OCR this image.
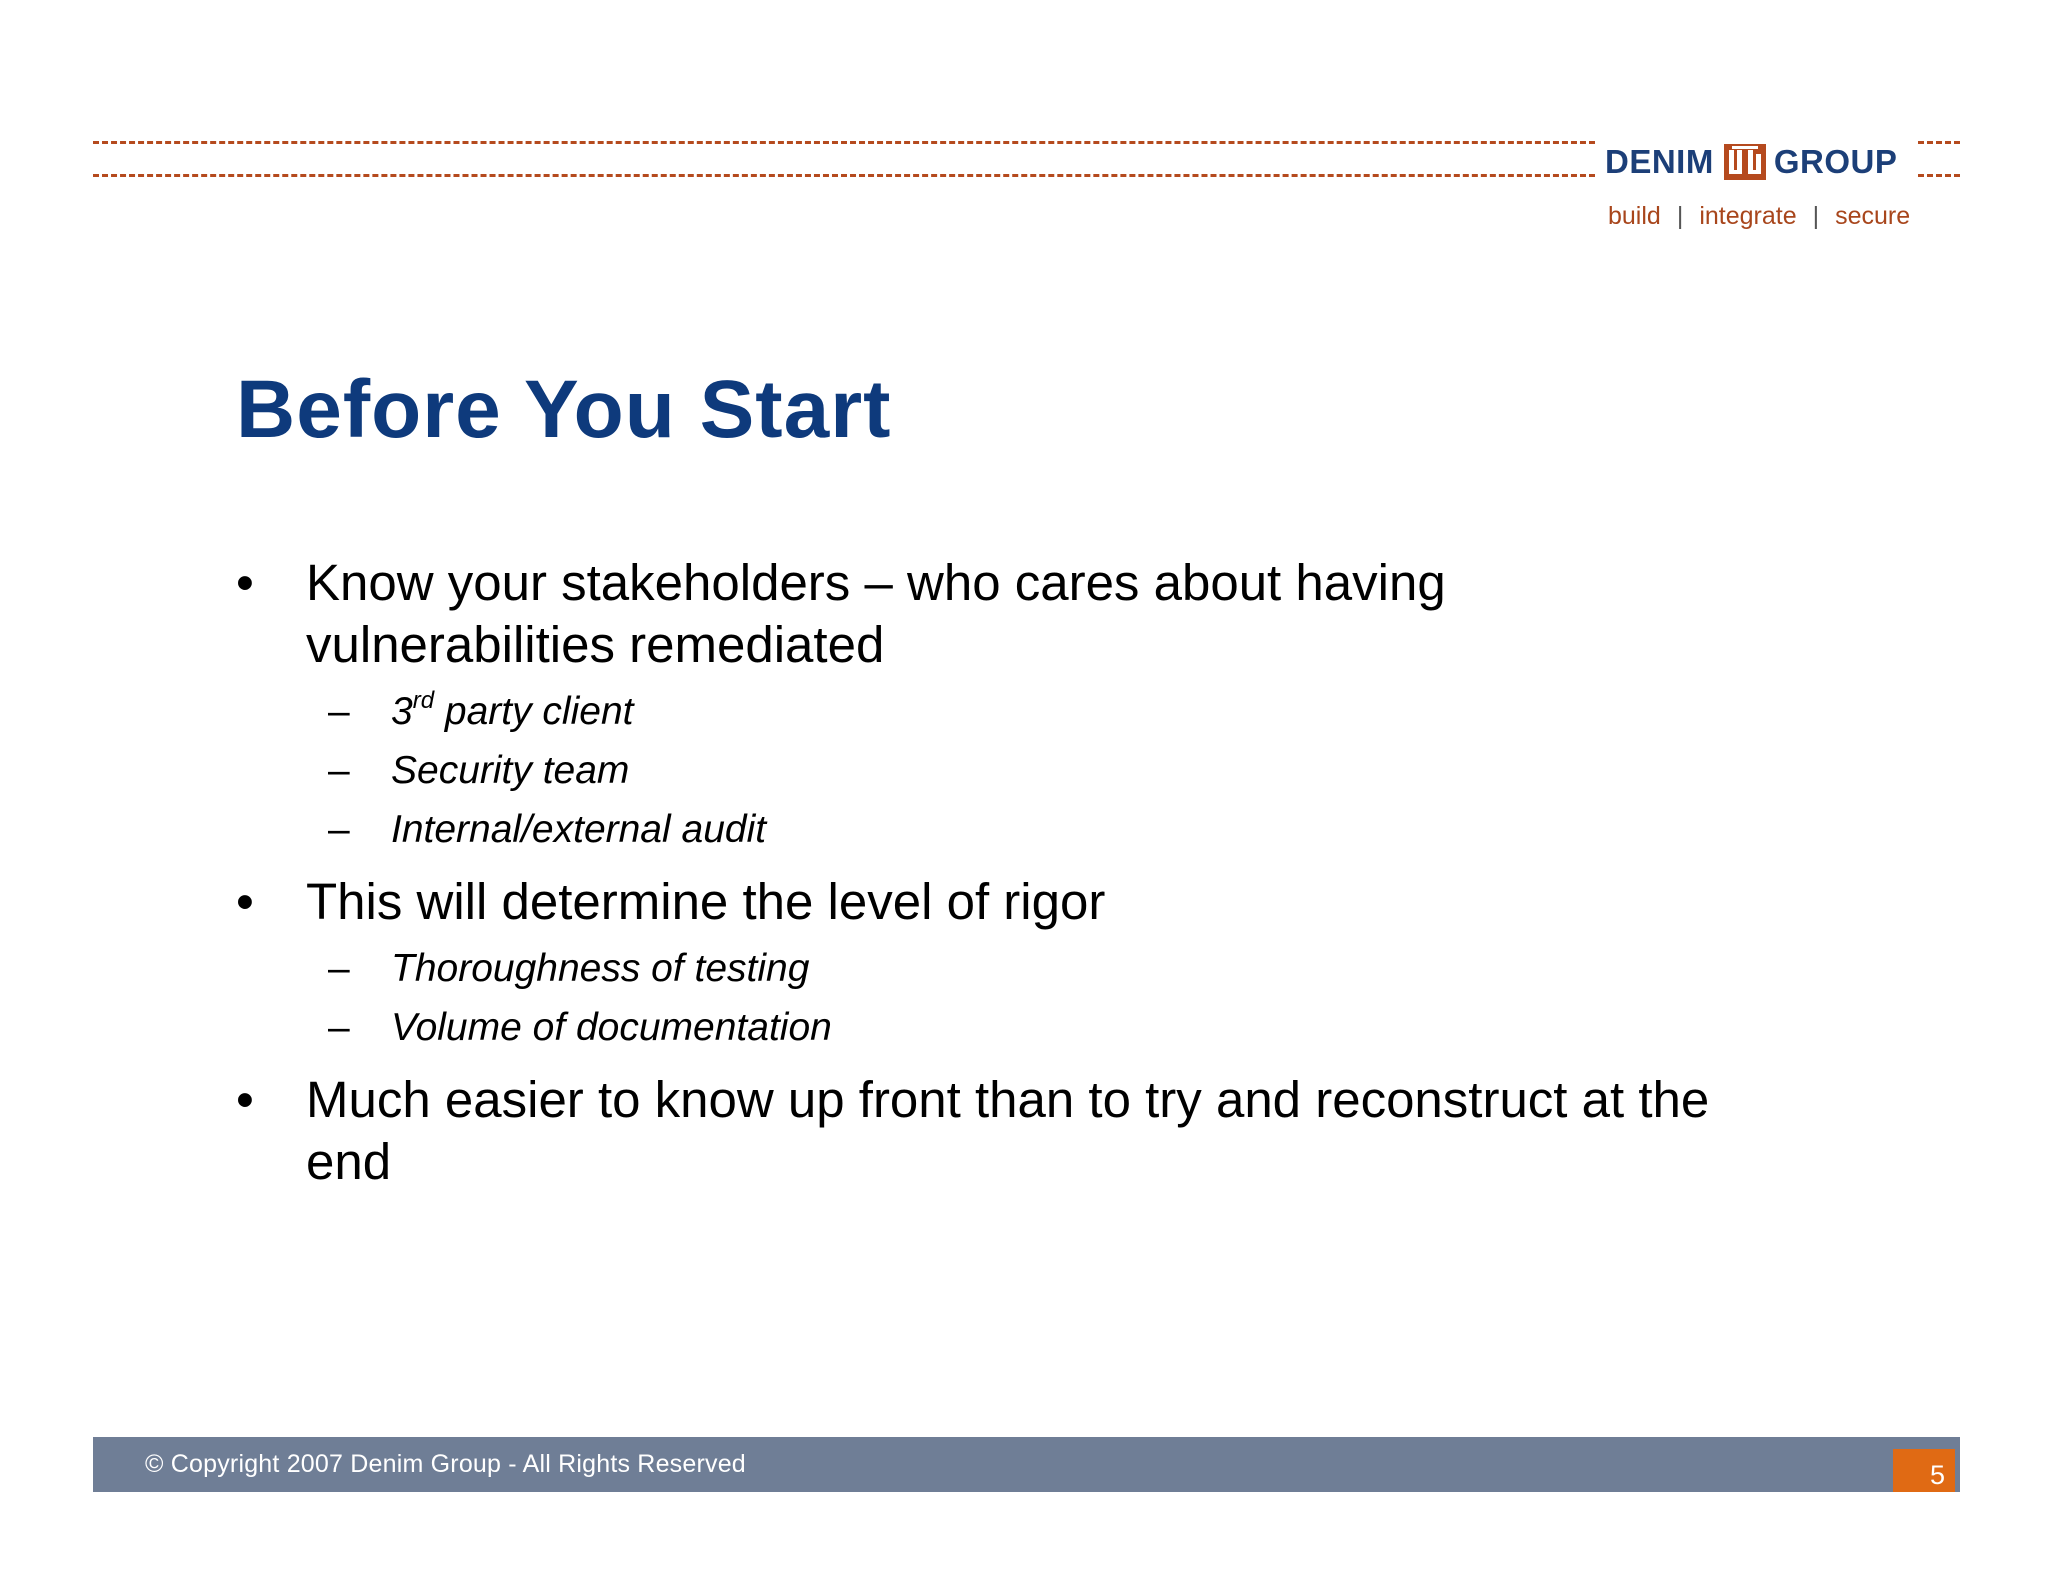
DENIM GROUP
build | integrate | secure
Before You Start
• Know your stakeholders – who cares about having
vulnerabilities remediated
– 3rd party client
– Security team
– Internal/external audit
• This will determine the level of rigor
– Thoroughness of testing
– Volume of documentation
• Much easier to know up front than to try and reconstruct at the
end
© Copyright 2007 Denim Group - All Rights Reserved	5
